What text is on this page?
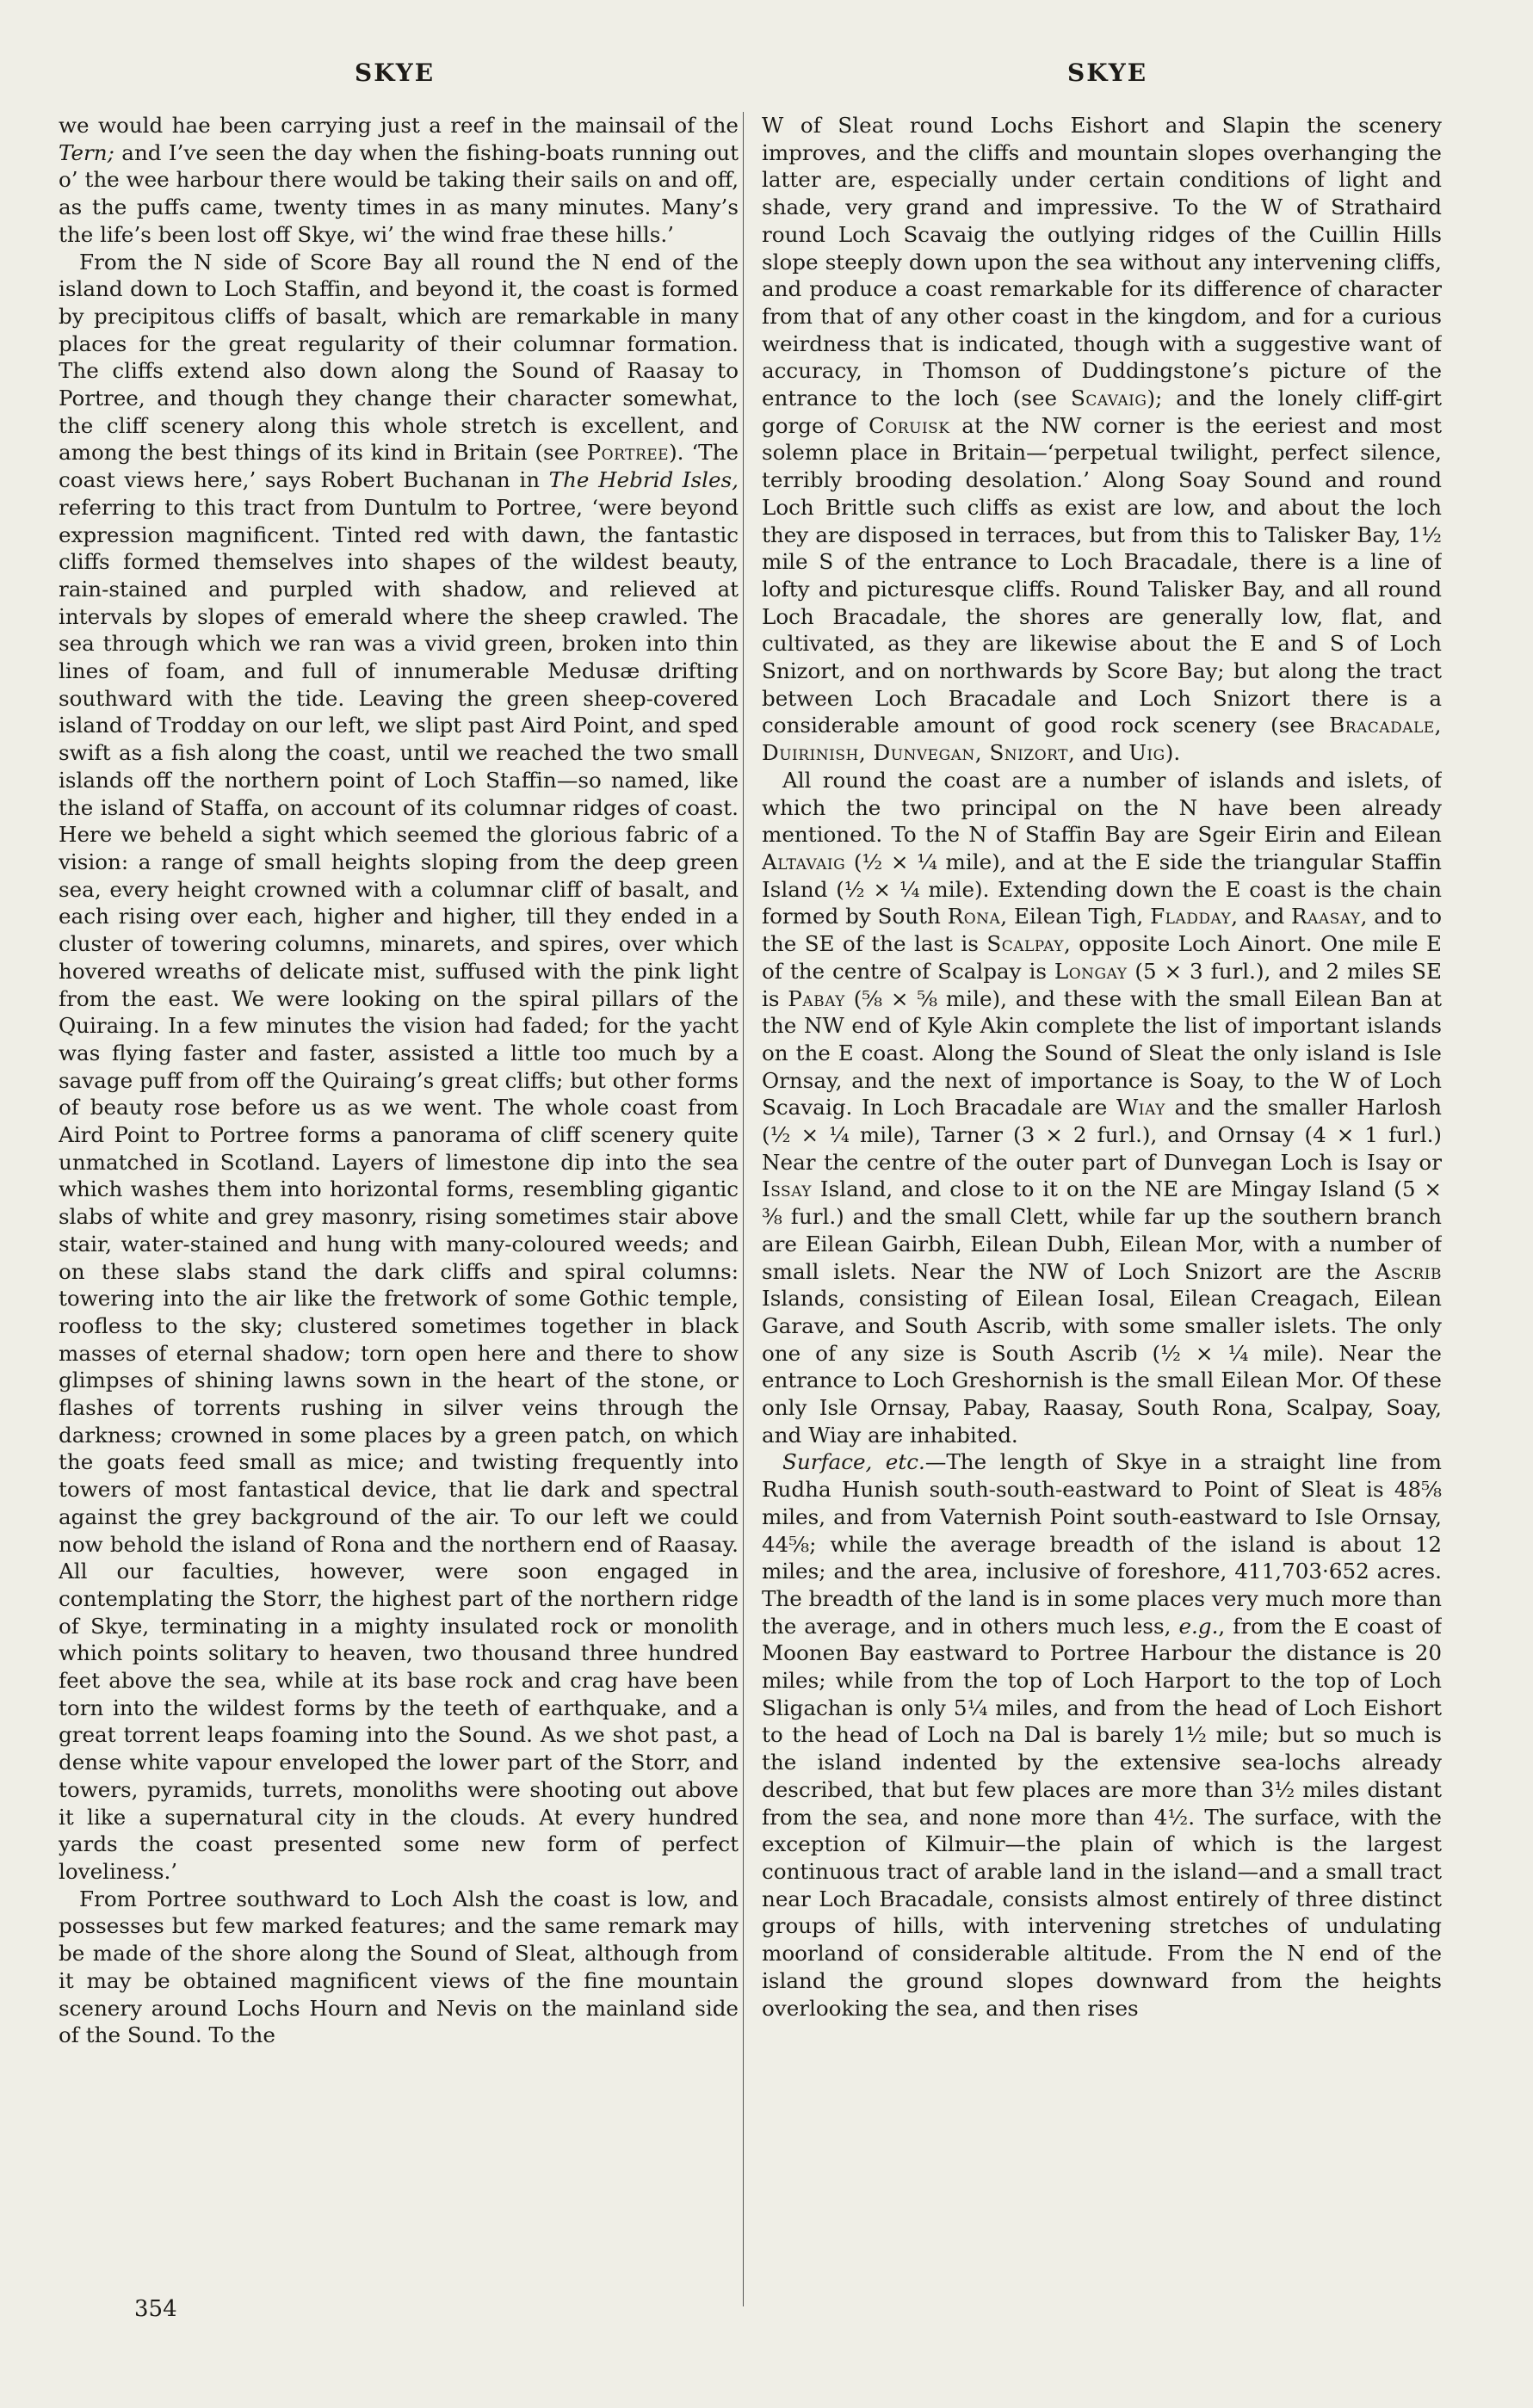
SKYE	SKYE

we would hae been carrying just a reef in the mainsail of the Tern; and I’ve seen the day when the fishing-boats running out o’ the wee harbour there would be taking their sails on and off, as the puffs came, twenty times in as many minutes. Many’s the life’s been lost off Skye, wi’ the wind frae these hills.’

From the N side of Score Bay all round the N end of the island down to Loch Staffin, and beyond it, the coast is formed by precipitous cliffs of basalt, which are remarkable in many places for the great regularity of their columnar formation. The cliffs extend also down along the Sound of Raasay to Portree, and though they change their character somewhat, the cliff scenery along this whole stretch is excellent, and among the best things of its kind in Britain (see Portree). ‘The coast views here,’ says Robert Buchanan in The Hebrid Isles, referring to this tract from Duntulm to Portree, ‘were beyond expression magnificent. Tinted red with dawn, the fantastic cliffs formed themselves into shapes of the wildest beauty, rain-stained and purpled with shadow, and relieved at intervals by slopes of emerald where the sheep crawled. The sea through which we ran was a vivid green, broken into thin lines of foam, and full of innumerable Medusæ drifting southward with the tide. Leaving the green sheep-covered island of Trodday on our left, we slipt past Aird Point, and sped swift as a fish along the coast, until we reached the two small islands off the northern point of Loch Staffin—so named, like the island of Staffa, on account of its columnar ridges of coast. Here we beheld a sight which seemed the glorious fabric of a vision: a range of small heights sloping from the deep green sea, every height crowned with a columnar cliff of basalt, and each rising over each, higher and higher, till they ended in a cluster of towering columns, minarets, and spires, over which hovered wreaths of delicate mist, suffused with the pink light from the east. We were looking on the spiral pillars of the Quiraing. In a few minutes the vision had faded; for the yacht was flying faster and faster, assisted a little too much by a savage puff from off the Quiraing’s great cliffs; but other forms of beauty rose before us as we went. The whole coast from Aird Point to Portree forms a panorama of cliff scenery quite unmatched in Scotland. Layers of limestone dip into the sea which washes them into horizontal forms, resembling gigantic slabs of white and grey masonry, rising sometimes stair above stair, water-stained and hung with many-coloured weeds; and on these slabs stand the dark cliffs and spiral columns: towering into the air like the fretwork of some Gothic temple, roofless to the sky; clustered sometimes together in black masses of eternal shadow; torn open here and there to show glimpses of shining lawns sown in the heart of the stone, or flashes of torrents rushing in silver veins through the darkness; crowned in some places by a green patch, on which the goats feed small as mice; and twisting frequently into towers of most fantastical device, that lie dark and spectral against the grey background of the air. To our left we could now behold the island of Rona and the northern end of Raasay. All our faculties, however, were soon engaged in contemplating the Storr, the highest part of the northern ridge of Skye, terminating in a mighty insulated rock or monolith which points solitary to heaven, two thousand three hundred feet above the sea, while at its base rock and crag have been torn into the wildest forms by the teeth of earthquake, and a great torrent leaps foaming into the Sound. As we shot past, a dense white vapour enveloped the lower part of the Storr, and towers, pyramids, turrets, monoliths were shooting out above it like a supernatural city in the clouds. At every hundred yards the coast presented some new form of perfect loveliness.’

From Portree southward to Loch Alsh the coast is low, and possesses but few marked features; and the same remark may be made of the shore along the Sound of Sleat, although from it may be obtained magnificent views of the fine mountain scenery around Lochs Hourn and Nevis on the mainland side of the Sound. To the

W of Sleat round Lochs Eishort and Slapin the scenery improves, and the cliffs and mountain slopes overhanging the latter are, especially under certain conditions of light and shade, very grand and impressive. To the W of Strathaird round Loch Scavaig the outlying ridges of the Cuillin Hills slope steeply down upon the sea without any intervening cliffs, and produce a coast remarkable for its difference of character from that of any other coast in the kingdom, and for a curious weirdness that is indicated, though with a suggestive want of accuracy, in Thomson of Duddingstone’s picture of the entrance to the loch (see Scavaig); and the lonely cliff-girt gorge of Coruisk at the NW corner is the eeriest and most solemn place in Britain—‘perpetual twilight, perfect silence, terribly brooding desolation.’ Along Soay Sound and round Loch Brittle such cliffs as exist are low, and about the loch they are disposed in terraces, but from this to Talisker Bay, 1½ mile S of the entrance to Loch Bracadale, there is a line of lofty and picturesque cliffs. Round Talisker Bay, and all round Loch Bracadale, the shores are generally low, flat, and cultivated, as they are likewise about the E and S of Loch Snizort, and on northwards by Score Bay; but along the tract between Loch Bracadale and Loch Snizort there is a considerable amount of good rock scenery (see Bracadale, Duirinish, Dunvegan, Snizort, and Uig).

All round the coast are a number of islands and islets, of which the two principal on the N have been already mentioned. To the N of Staffin Bay are Sgeir Eirin and Eilean Altavaig (½ × ¼ mile), and at the E side the triangular Staffin Island (½ × ¼ mile). Extending down the E coast is the chain formed by South Rona, Eilean Tigh, Fladday, and Raasay, and to the SE of the last is Scalpay, opposite Loch Ainort. One mile E of the centre of Scalpay is Longay (5 × 3 furl.), and 2 miles SE is Pabay (⅝ × ⅝ mile), and these with the small Eilean Ban at the NW end of Kyle Akin complete the list of important islands on the E coast. Along the Sound of Sleat the only island is Isle Ornsay, and the next of importance is Soay, to the W of Loch Scavaig. In Loch Bracadale are Wiay and the smaller Harlosh (½ × ¼ mile), Tarner (3 × 2 furl.), and Ornsay (4 × 1 furl.) Near the centre of the outer part of Dunvegan Loch is Isay or Issay Island, and close to it on the NE are Mingay Island (5 × ⅜ furl.) and the small Clett, while far up the southern branch are Eilean Gairbh, Eilean Dubh, Eilean Mor, with a number of small islets. Near the NW of Loch Snizort are the Ascrib Islands, consisting of Eilean Iosal, Eilean Creagach, Eilean Garave, and South Ascrib, with some smaller islets. The only one of any size is South Ascrib (½ × ¼ mile). Near the entrance to Loch Greshornish is the small Eilean Mor. Of these only Isle Ornsay, Pabay, Raasay, South Rona, Scalpay, Soay, and Wiay are inhabited.

Surface, etc.—The length of Skye in a straight line from Rudha Hunish south-south-eastward to Point of Sleat is 48⅝ miles, and from Vaternish Point south-eastward to Isle Ornsay, 44⅝; while the average breadth of the island is about 12 miles; and the area, inclusive of foreshore, 411,703·652 acres. The breadth of the land is in some places very much more than the average, and in others much less, e.g., from the E coast of Moonen Bay eastward to Portree Harbour the distance is 20 miles; while from the top of Loch Harport to the top of Loch Sligachan is only 5¼ miles, and from the head of Loch Eishort to the head of Loch na Dal is barely 1½ mile; but so much is the island indented by the extensive sea-lochs already described, that but few places are more than 3½ miles distant from the sea, and none more than 4½. The surface, with the exception of Kilmuir—the plain of which is the largest continuous tract of arable land in the island—and a small tract near Loch Bracadale, consists almost entirely of three distinct groups of hills, with intervening stretches of undulating moorland of considerable altitude. From the N end of the island the ground slopes downward from the heights overlooking the sea, and then rises

354
